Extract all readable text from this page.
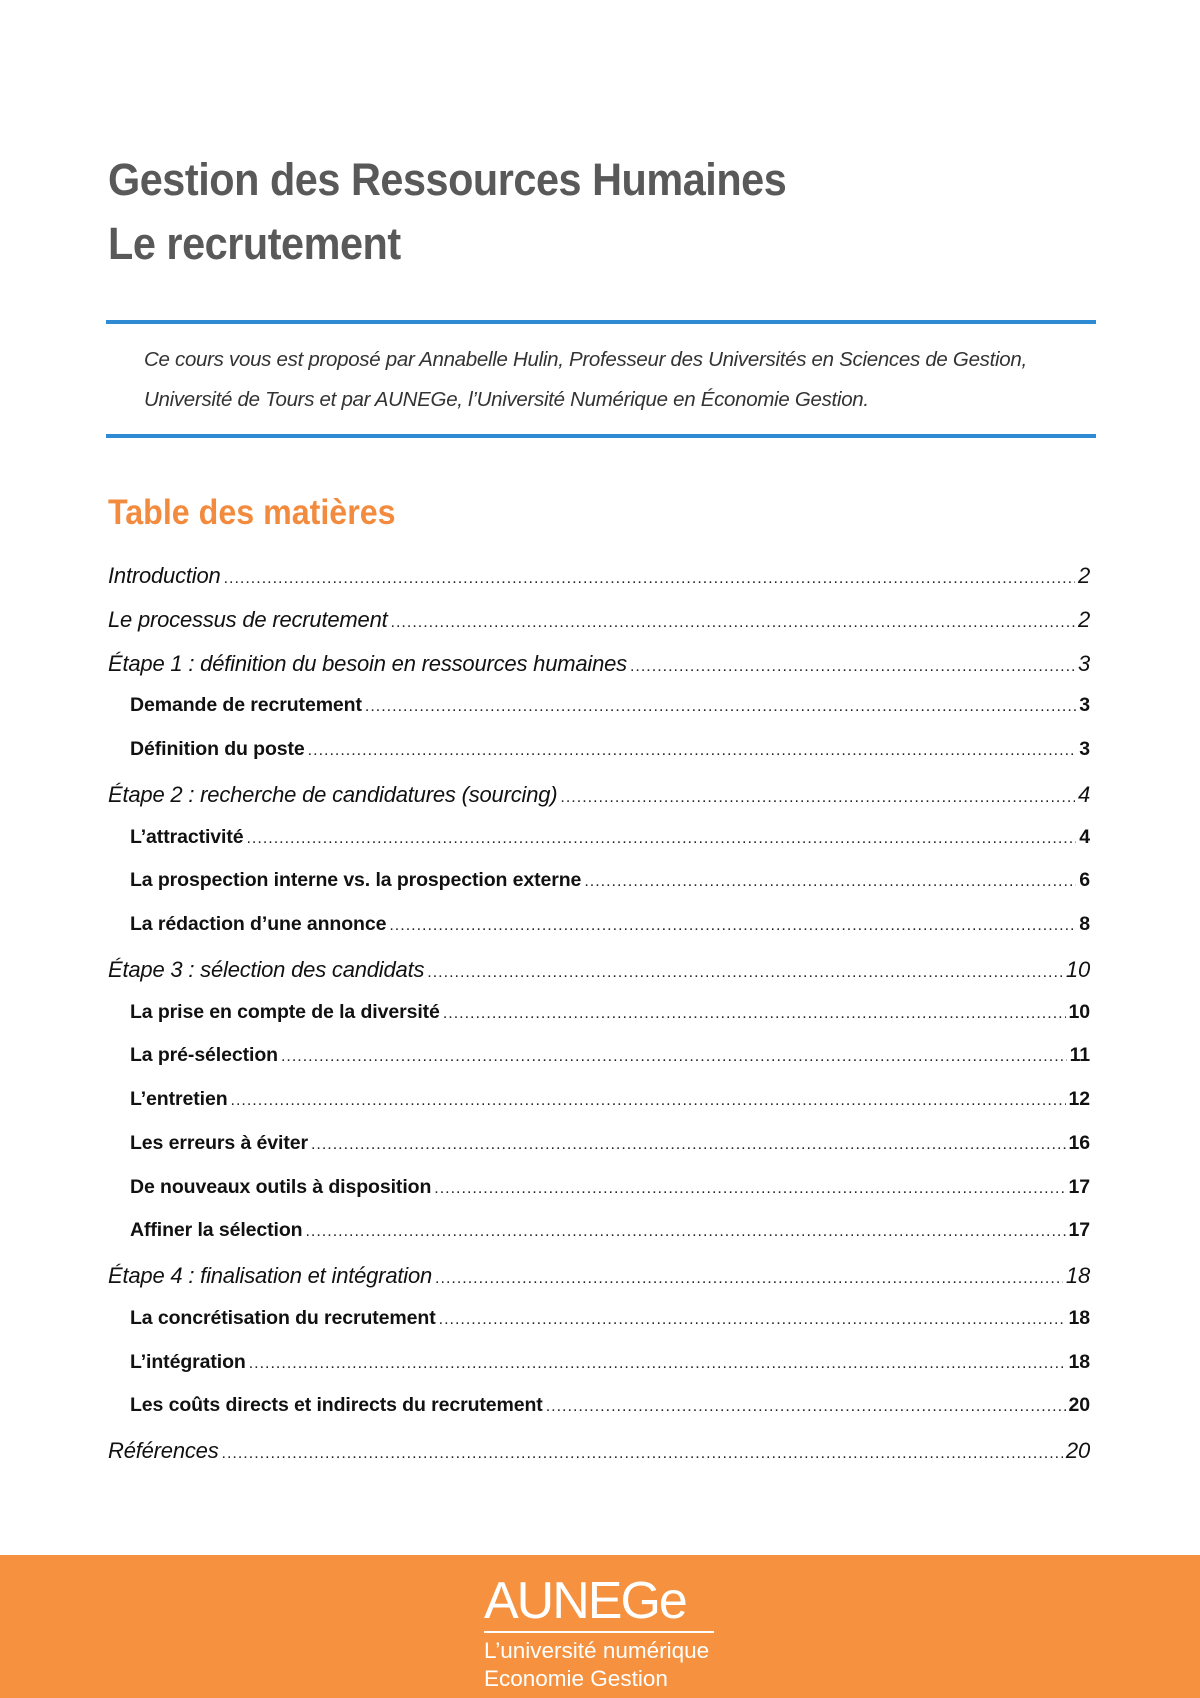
Gestion des Ressources Humaines
Le recrutement

Ce cours vous est proposé par Annabelle Hulin, Professeur des Universités en Sciences de Gestion, Université de Tours et par AUNEGe, l’Université Numérique en Économie Gestion.

Table des matières
Introduction .....	2
Le processus de recrutement .....	2
Étape 1 : définition du besoin en ressources humaines .....	3
Demande de recrutement .....	3
Définition du poste .....	3
Étape 2 : recherche de candidatures (sourcing) .....	4
L’attractivité .....	4
La prospection interne vs. la prospection externe .....	6
La rédaction d’une annonce .....	8
Étape 3 : sélection des candidats .....	10
La prise en compte de la diversité .....	10
La pré-sélection .....	11
L’entretien .....	12
Les erreurs à éviter .....	16
De nouveaux outils à disposition .....	17
Affiner la sélection .....	17
Étape 4 : finalisation et intégration .....	18
La concrétisation du recrutement .....	18
L’intégration .....	18
Les coûts directs et indirects du recrutement .....	20
Références .....	20
AUNEGe
L’université numérique
Economie Gestion
